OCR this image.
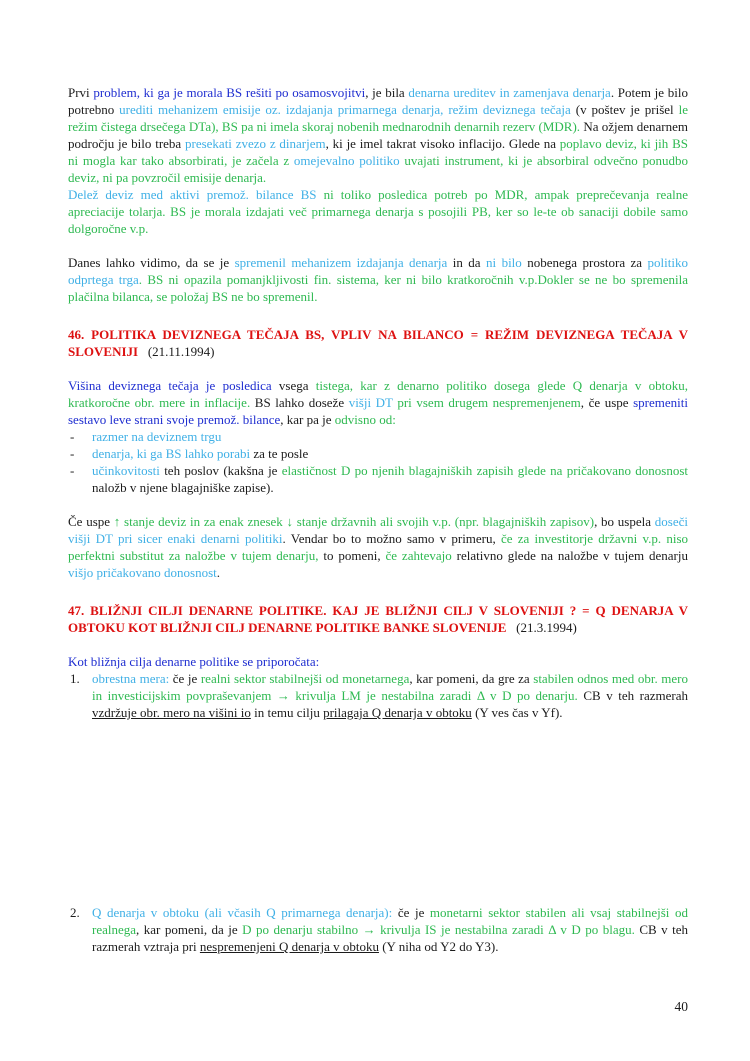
Prvi problem, ki ga je morala BS rešiti po osamosvojitvi, je bila denarna ureditev in zamenjava denarja. Potem je bilo potrebno urediti mehanizem emisije oz. izdajanja primarnega denarja, režim deviznega tečaja (v poštev je prišel le režim čistega drsečega DTa), BS pa ni imela skoraj nobenih mednarodnih denarnih rezerv (MDR). Na ožjem denarnem področju je bilo treba presekati zvezo z dinarjem, ki je imel takrat visoko inflacijo. Glede na poplavo deviz, ki jih BS ni mogla kar tako absorbirati, je začela z omejevalno politiko uvajati instrument, ki je absorbiral odvečno ponudbo deviz, ni pa povzročil emisije denarja.
Delež deviz med aktivi premož. bilance BS ni toliko posledica potreb po MDR, ampak preprečevanja realne apreciacije tolarja. BS je morala izdajati več primarnega denarja s posojili PB, ker so le-te ob sanaciji dobile samo dolgoročne v.p.
Danes lahko vidimo, da se je spremenil mehanizem izdajanja denarja in da ni bilo nobenega prostora za politiko odprtega trga. BS ni opazila pomanjkljivosti fin. sistema, ker ni bilo kratkoročnih v.p.Dokler se ne bo spremenila plačilna bilanca, se položaj BS ne bo spremenil.
46. POLITIKA DEVIZNEGA TEČAJA BS, VPLIV NA BILANCO = REŽIM DEVIZNEGA TEČAJA V SLOVENIJI   (21.11.1994)
Višina deviznega tečaja je posledica vsega tistega, kar z denarno politiko dosega glede Q denarja v obtoku, kratkoročne obr. mere in inflacije. BS lahko doseže višji DT pri vsem drugem nespremenjenem, če uspe spremeniti sestavo leve strani svoje premož. bilance, kar pa je odvisno od:
- razmer na deviznem trgu
- denarja, ki ga BS lahko porabi za te posle
- učinkovitosti teh poslov (kakšna je elastičnost D po njenih blagajniških zapisih glede na pričakovano donosnost naložb v njene blagajniške zapise).
Če uspe ↑ stanje deviz in za enak znesek ↓ stanje državnih ali svojih v.p. (npr. blagajniških zapisov), bo uspela doseči višji DT pri sicer enaki denarni politiki. Vendar bo to možno samo v primeru, če za investitorje državni v.p. niso perfektni substitut za naložbe v tujem denarju, to pomeni, če zahtevajo relativno glede na naložbe v tujem denarju višjo pričakovano donosnost.
47. BLIŽNJI CILJI DENARNE POLITIKE. KAJ JE BLIŽNJI CILJ V SLOVENIJI ? = Q DENARJA V OBTOKU KOT BLIŽNJI CILJ DENARNE POLITIKE BANKE SLOVENIJE   (21.3.1994)
Kot bližnja cilja denarne politike se priporočata:
1. obrestna mera: če je realni sektor stabilnejši od monetarnega, kar pomeni, da gre za stabilen odnos med obr. mero in investicijskim povpraševanjem → krivulja LM je nestabilna zaradi Δ v D po denarju. CB v teh razmerah vzdržuje obr. mero na višini io in temu cilju prilagaja Q denarja v obtoku (Y ves čas v Yf).
2. Q denarja v obtoku (ali včasih Q primarnega denarja): če je monetarni sektor stabilen ali vsaj stabilnejši od realnega, kar pomeni, da je D po denarju stabilno → krivulja IS je nestabilna zaradi Δ v D po blagu. CB v teh razmerah vztraja pri nespremenjeni Q denarja v obtoku (Y niha od Y2 do Y3).
40
